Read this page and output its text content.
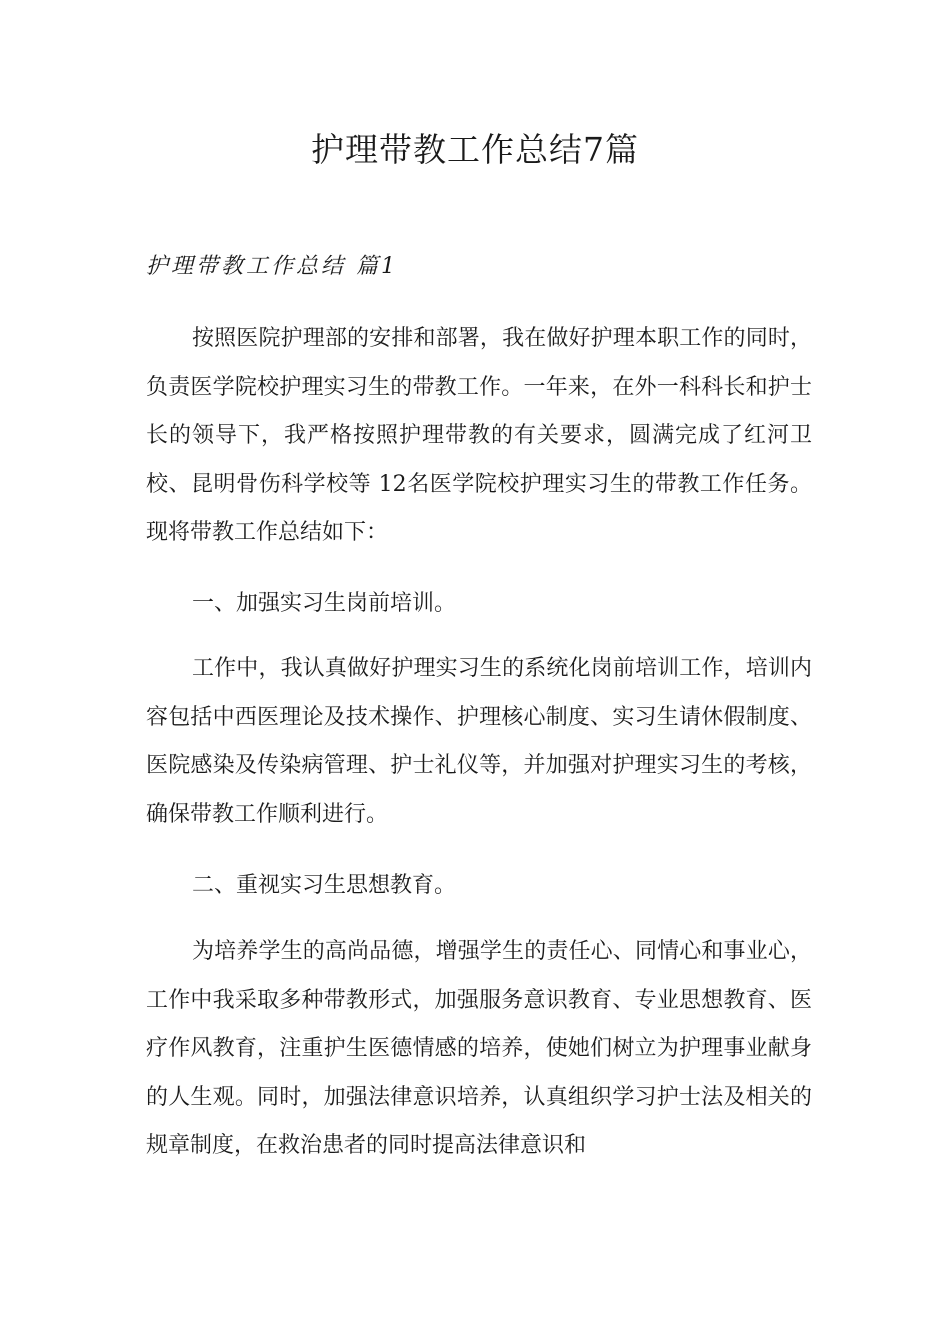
护理带教工作总结7篇
护理带教工作总结 篇1

按照医院护理部的安排和部署，我在做好护理本职工作的同时，负责医学院校护理实习生的带教工作。一年来，在外一科科长和护士长的领导下，我严格按照护理带教的有关要求，圆满完成了红河卫校、昆明骨伤科学校等 12名医学院校护理实习生的带教工作任务。现将带教工作总结如下：

一、加强实习生岗前培训。

工作中，我认真做好护理实习生的系统化岗前培训工作，培训内容包括中西医理论及技术操作、护理核心制度、实习生请休假制度、医院感染及传染病管理、护士礼仪等，并加强对护理实习生的考核，确保带教工作顺利进行。

二、重视实习生思想教育。

为培养学生的高尚品德，增强学生的责任心、同情心和事业心，工作中我采取多种带教形式，加强服务意识教育、专业思想教育、医疗作风教育，注重护生医德情感的培养，使她们树立为护理事业献身的人生观。同时，加强法律意识培养，认真组织学习护士法及相关的规章制度，在救治患者的同时提高法律意识和
